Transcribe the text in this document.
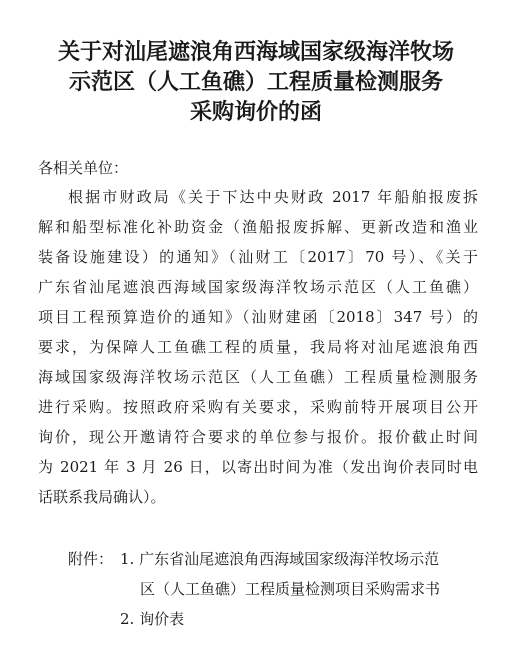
关于对汕尾遮浪角西海域国家级海洋牧场
示范区（人工鱼礁）工程质量检测服务
采购询价的函

各相关单位：

根据市财政局《关于下达中央财政 2017 年船舶报废拆

解和船型标准化补助资金（渔船报废拆解、更新改造和渔业

装备设施建设）的通知》（汕财工〔2017〕70 号）、《关于

广东省汕尾遮浪西海域国家级海洋牧场示范区（人工鱼礁）

项目工程预算造价的通知》（汕财建函〔2018〕347 号）的

要求，为保障人工鱼礁工程的质量，我局将对汕尾遮浪角西

海域国家级海洋牧场示范区（人工鱼礁）工程质量检测服务

进行采购。按照政府采购有关要求，采购前特开展项目公开

询价，现公开邀请符合要求的单位参与报价。报价截止时间

为 2021 年 3 月 26 日，以寄出时间为准（发出询价表同时电

话联系我局确认）。

附件： 1. 广东省汕尾遮浪角西海域国家级海洋牧场示范
区（人工鱼礁）工程质量检测项目采购需求书
2. 询价表
